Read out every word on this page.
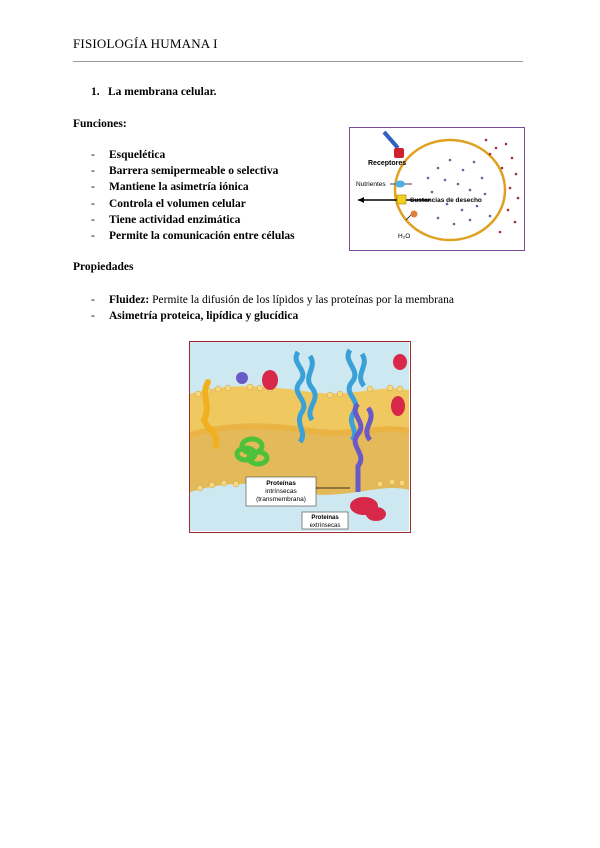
FISIOLOGÍA HUMANA I
1. La membrana celular.
Funciones:
- Esquelética
- Barrera semipermeable o selectiva
- Mantiene la asimetría iónica
- Controla el volumen celular
- Tiene actividad enzimática
- Permite la comunicación entre células
Propiedades
- Fluidez: Permite la difusión de los lípidos y las proteínas por la membrana
- Asimetría proteica, lipídica y glucídica
Receptores
Nutrientes
Sustancias de desecho
H₂O
Proteínas
intrínsecas
(transmembrana)
Proteínas
extrínsecas
